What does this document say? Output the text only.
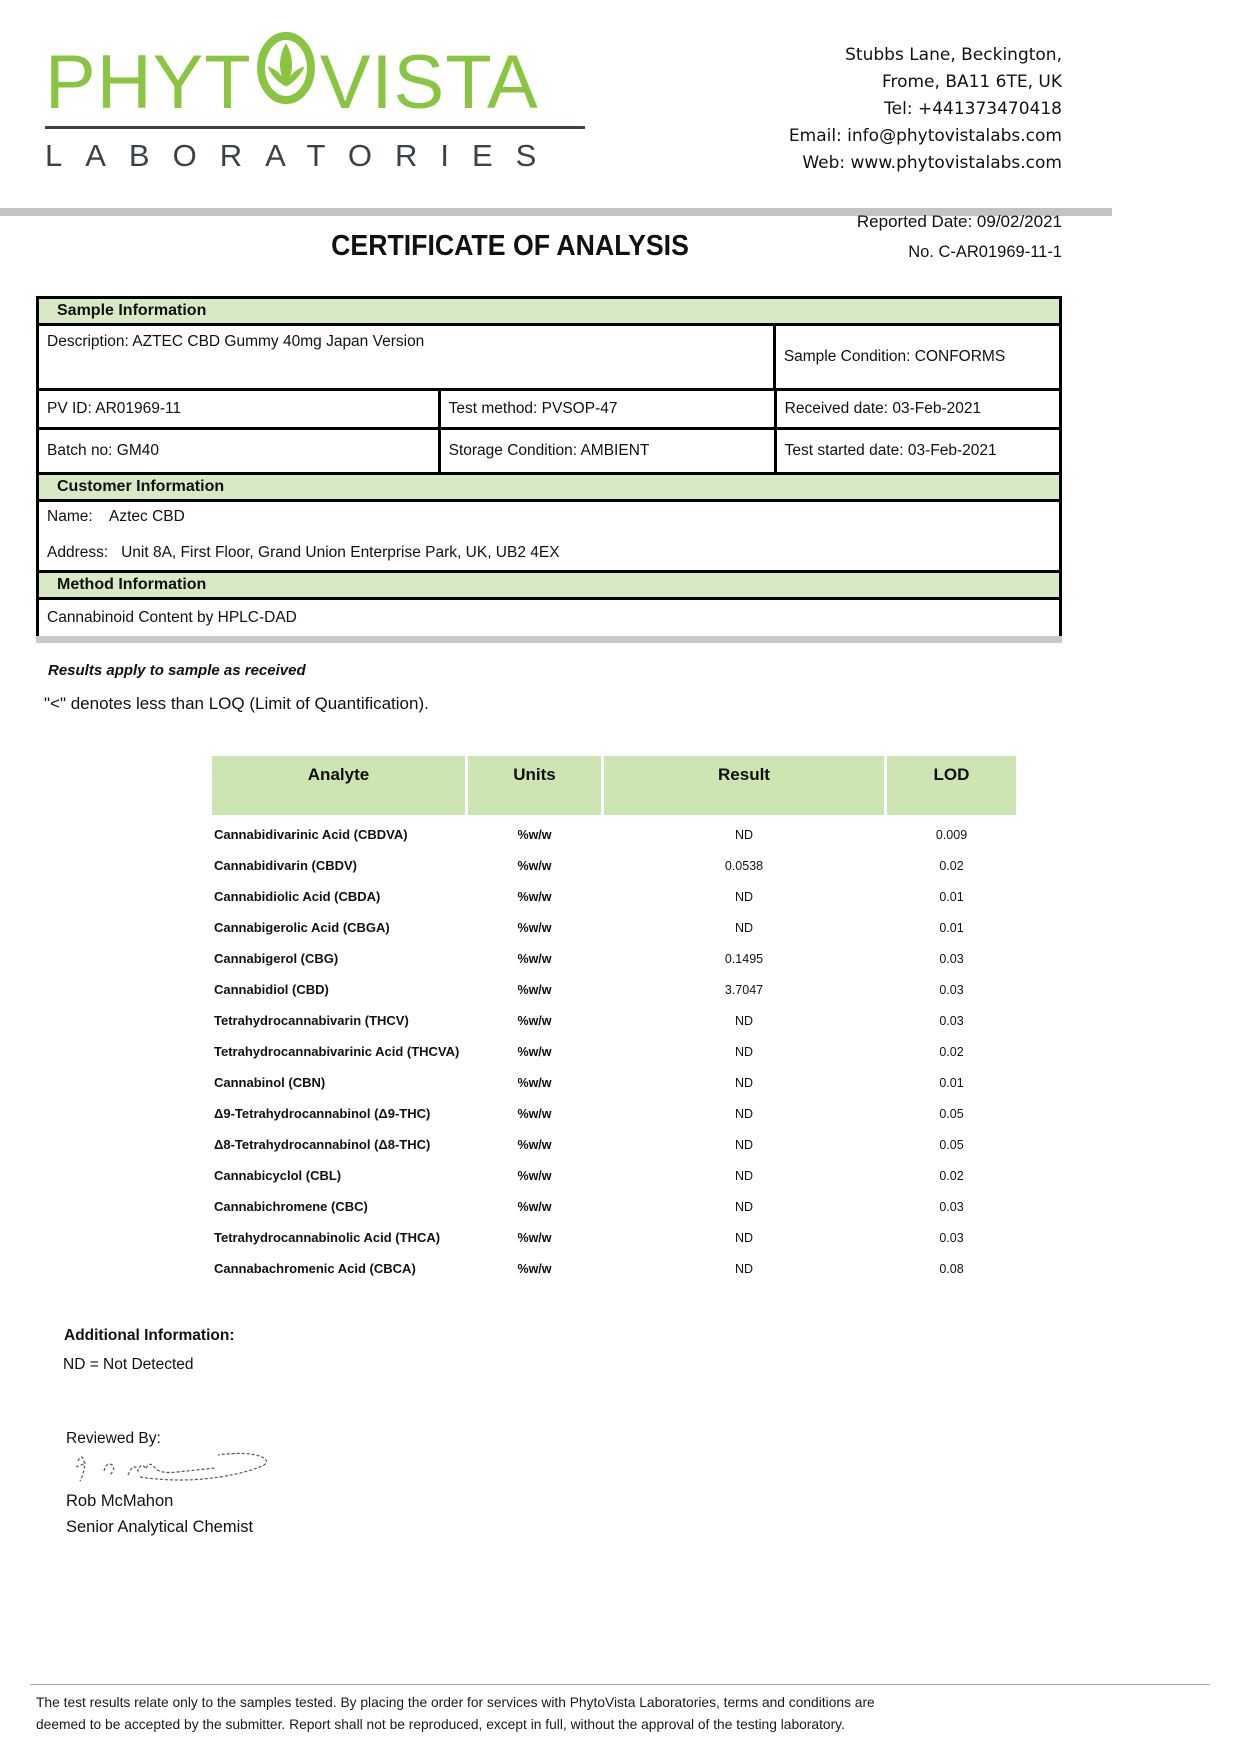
PHYT VISTA
LABORATORIES
Stubbs Lane, Beckington,
Frome, BA11 6TE, UK
Tel: +441373470418
Email: info@phytovistalabs.com
Web: www.phytovistalabs.com
Reported Date: 09/02/2021
No. C-AR01969-11-1
CERTIFICATE OF ANALYSIS
Sample Information
Description: AZTEC CBD Gummy 40mg Japan Version
Sample Condition: CONFORMS
PV ID: AR01969-11	Test method: PVSOP-47	Received date: 03-Feb-2021
Batch no: GM40	Storage Condition: AMBIENT	Test started date: 03-Feb-2021
Customer Information
Name:    Aztec CBD
Address:   Unit 8A, First Floor, Grand Union Enterprise Park, UK, UB2 4EX
Method Information
Cannabinoid Content by HPLC-DAD
Results apply to sample as received
"<" denotes less than LOQ (Limit of Quantification).
Analyte	Units	Result	LOD
Cannabidivarinic Acid (CBDVA)	%w/w	ND	0.009
Cannabidivarin (CBDV)	%w/w	0.0538	0.02
Cannabidiolic Acid (CBDA)	%w/w	ND	0.01
Cannabigerolic Acid (CBGA)	%w/w	ND	0.01
Cannabigerol (CBG)	%w/w	0.1495	0.03
Cannabidiol (CBD)	%w/w	3.7047	0.03
Tetrahydrocannabivarin (THCV)	%w/w	ND	0.03
Tetrahydrocannabivarinic Acid (THCVA)	%w/w	ND	0.02
Cannabinol (CBN)	%w/w	ND	0.01
Δ9-Tetrahydrocannabinol (Δ9-THC)	%w/w	ND	0.05
Δ8-Tetrahydrocannabinol (Δ8-THC)	%w/w	ND	0.05
Cannabicyclol (CBL)	%w/w	ND	0.02
Cannabichromene (CBC)	%w/w	ND	0.03
Tetrahydrocannabinolic Acid (THCA)	%w/w	ND	0.03
Cannabachromenic Acid (CBCA)	%w/w	ND	0.08
Additional Information:
ND = Not Detected
Reviewed By:
Rob McMahon
Senior Analytical Chemist
The test results relate only to the samples tested. By placing the order for services with PhytoVista Laboratories, terms and conditions are
deemed to be accepted by the submitter. Report shall not be reproduced, except in full, without the approval of the testing laboratory.
